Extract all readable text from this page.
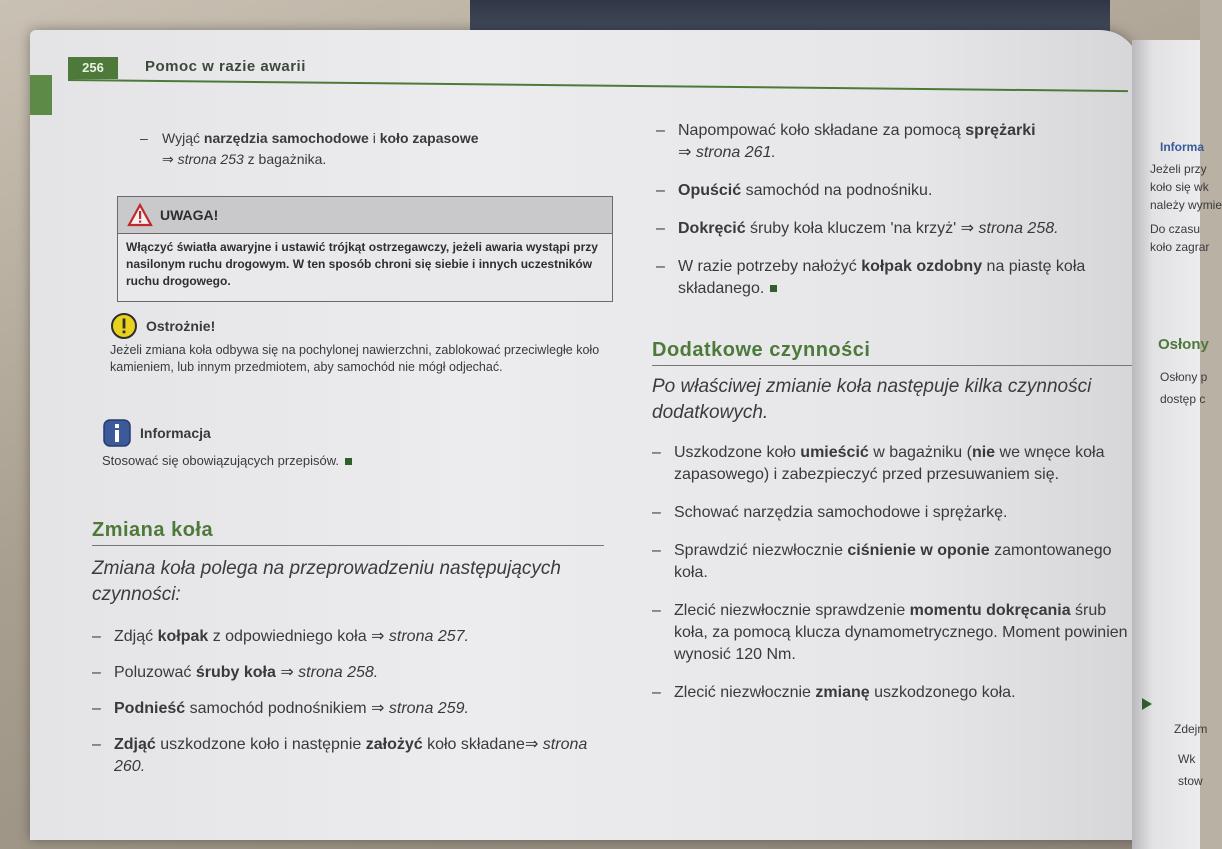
256	Pomoc w razie awarii
– Wyjąć narzędzia samochodowe i koło zapasowe
⇒ strona 253 z bagażnika.
UWAGA!
Włączyć światła awaryjne i ustawić trójkąt ostrzegawczy, jeżeli awaria wystąpi przy nasilonym ruchu drogowym. W ten sposób chroni się siebie i innych uczestników ruchu drogowego.
Ostrożnie!
Jeżeli zmiana koła odbywa się na pochylonej nawierzchni, zablokować przeciwległe koło kamieniem, lub innym przedmiotem, aby samochód nie mógł odjechać.
Informacja
Stosować się obowiązujących przepisów.
Zmiana koła
Zmiana koła polega na przeprowadzeniu następujących czynności:
– Zdjąć kołpak z odpowiedniego koła ⇒ strona 257.
– Poluzować śruby koła ⇒ strona 258.
– Podnieść samochód podnośnikiem ⇒ strona 259.
– Zdjąć uszkodzone koło i następnie założyć koło składane⇒ strona 260.
– Napompować koło składane za pomocą sprężarki
⇒ strona 261.
– Opuścić samochód na podnośniku.
– Dokręcić śruby koła kluczem 'na krzyż' ⇒ strona 258.
– W razie potrzeby nałożyć kołpak ozdobny na piastę koła składanego.
Dodatkowe czynności
Po właściwej zmianie koła następuje kilka czynności dodatkowych.
– Uszkodzone koło umieścić w bagażniku (nie we wnęce koła zapasowego) i zabezpieczyć przed przesuwaniem się.
– Schować narzędzia samochodowe i sprężarkę.
– Sprawdzić niezwłocznie ciśnienie w oponie zamontowanego koła.
– Zlecić niezwłocznie sprawdzenie momentu dokręcania śrub koła, za pomocą klucza dynamometrycznego. Moment powinien wynosić 120 Nm.
– Zlecić niezwłocznie zmianę uszkodzonego koła.
Informa
Jeżeli przy
koło się wk
należy wymie
Do czasu
koło zagrar
Osłony
Osłony p
dostęp c
Zdejm
Wk
stow
